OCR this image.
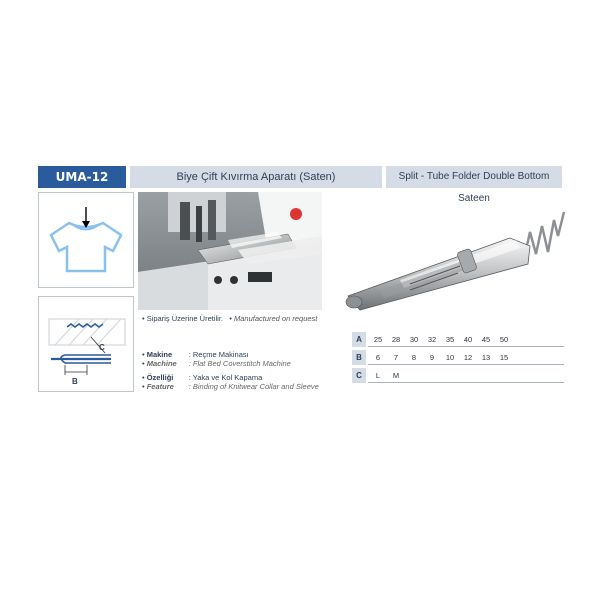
UMA-12	Biye Çift Kıvırma Aparatı (Saten)	Split - Tube Folder Double Bottom Sateen
C
B
• Sipariş Üzerine Üretilir. • Manufactured on request
• Makine : Reçme Makinası
• Machine : Flat Bed Coverstitch Machine
• Özelliği : Yaka ve Kol Kapama
• Feature : Binding of Knitwear Collar and Sleeve
A	25	28	30	32	35	40	45	50
B	6	7	8	9	10	12	13	15
C	L	M
